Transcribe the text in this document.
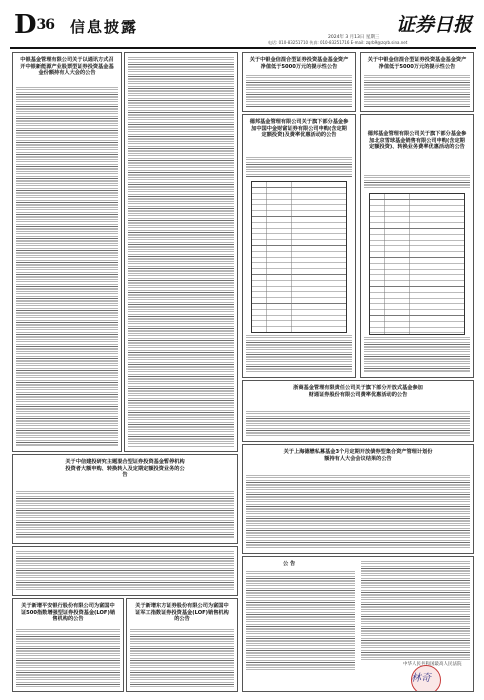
D36 信息披露
2024年 3 月13日 星期三
电话: 010-83251710 传真: 010-83251716 E-mail: zqrb9@zqrb.sina.net
证券日报
中银基金管理有限公司关于以通讯方式召开中银新能源产业股票型证券投资基金基金份额持有人大会的公告
关于中银金信混合型证券投资基金基金资产净值低于5000万元的提示性公告
关于中银金信混合型证券投资基金基金资产净值低于5000万元的提示性公告
德邦基金管理有限公司关于旗下部分基金参加中国中金财富证券有限公司申购(含定期定额投资)及费率优惠活动的公告	德邦基金管理有限公司关于旗下部分基金参加北京雪球基金销售有限公司申购(含定期定额投资)、转换业务费率优惠活动的公告
浙商基金管理有限责任公司关于旗下部分开放式基金参加财通证券股份有限公司费率优惠活动的公告
关于中信建投研究主题混合型证券投资基金暂停机构投资者大额申购、转换转入及定期定额投资业务的公告
关于上海德懋私募基金3个月定期开放债券型集合资产管理计划份额持有人大会会议结果的公告
关于新增平安银行股份有限公司为富国中证500指数增强型证券投资基金(LOF)销售机构的公告
关于新增东方证券股份有限公司为富国中证军工指数证券投资基金(LOF)销售机构的公告
公 告
中华人民共和国最高人民法院
林奇
